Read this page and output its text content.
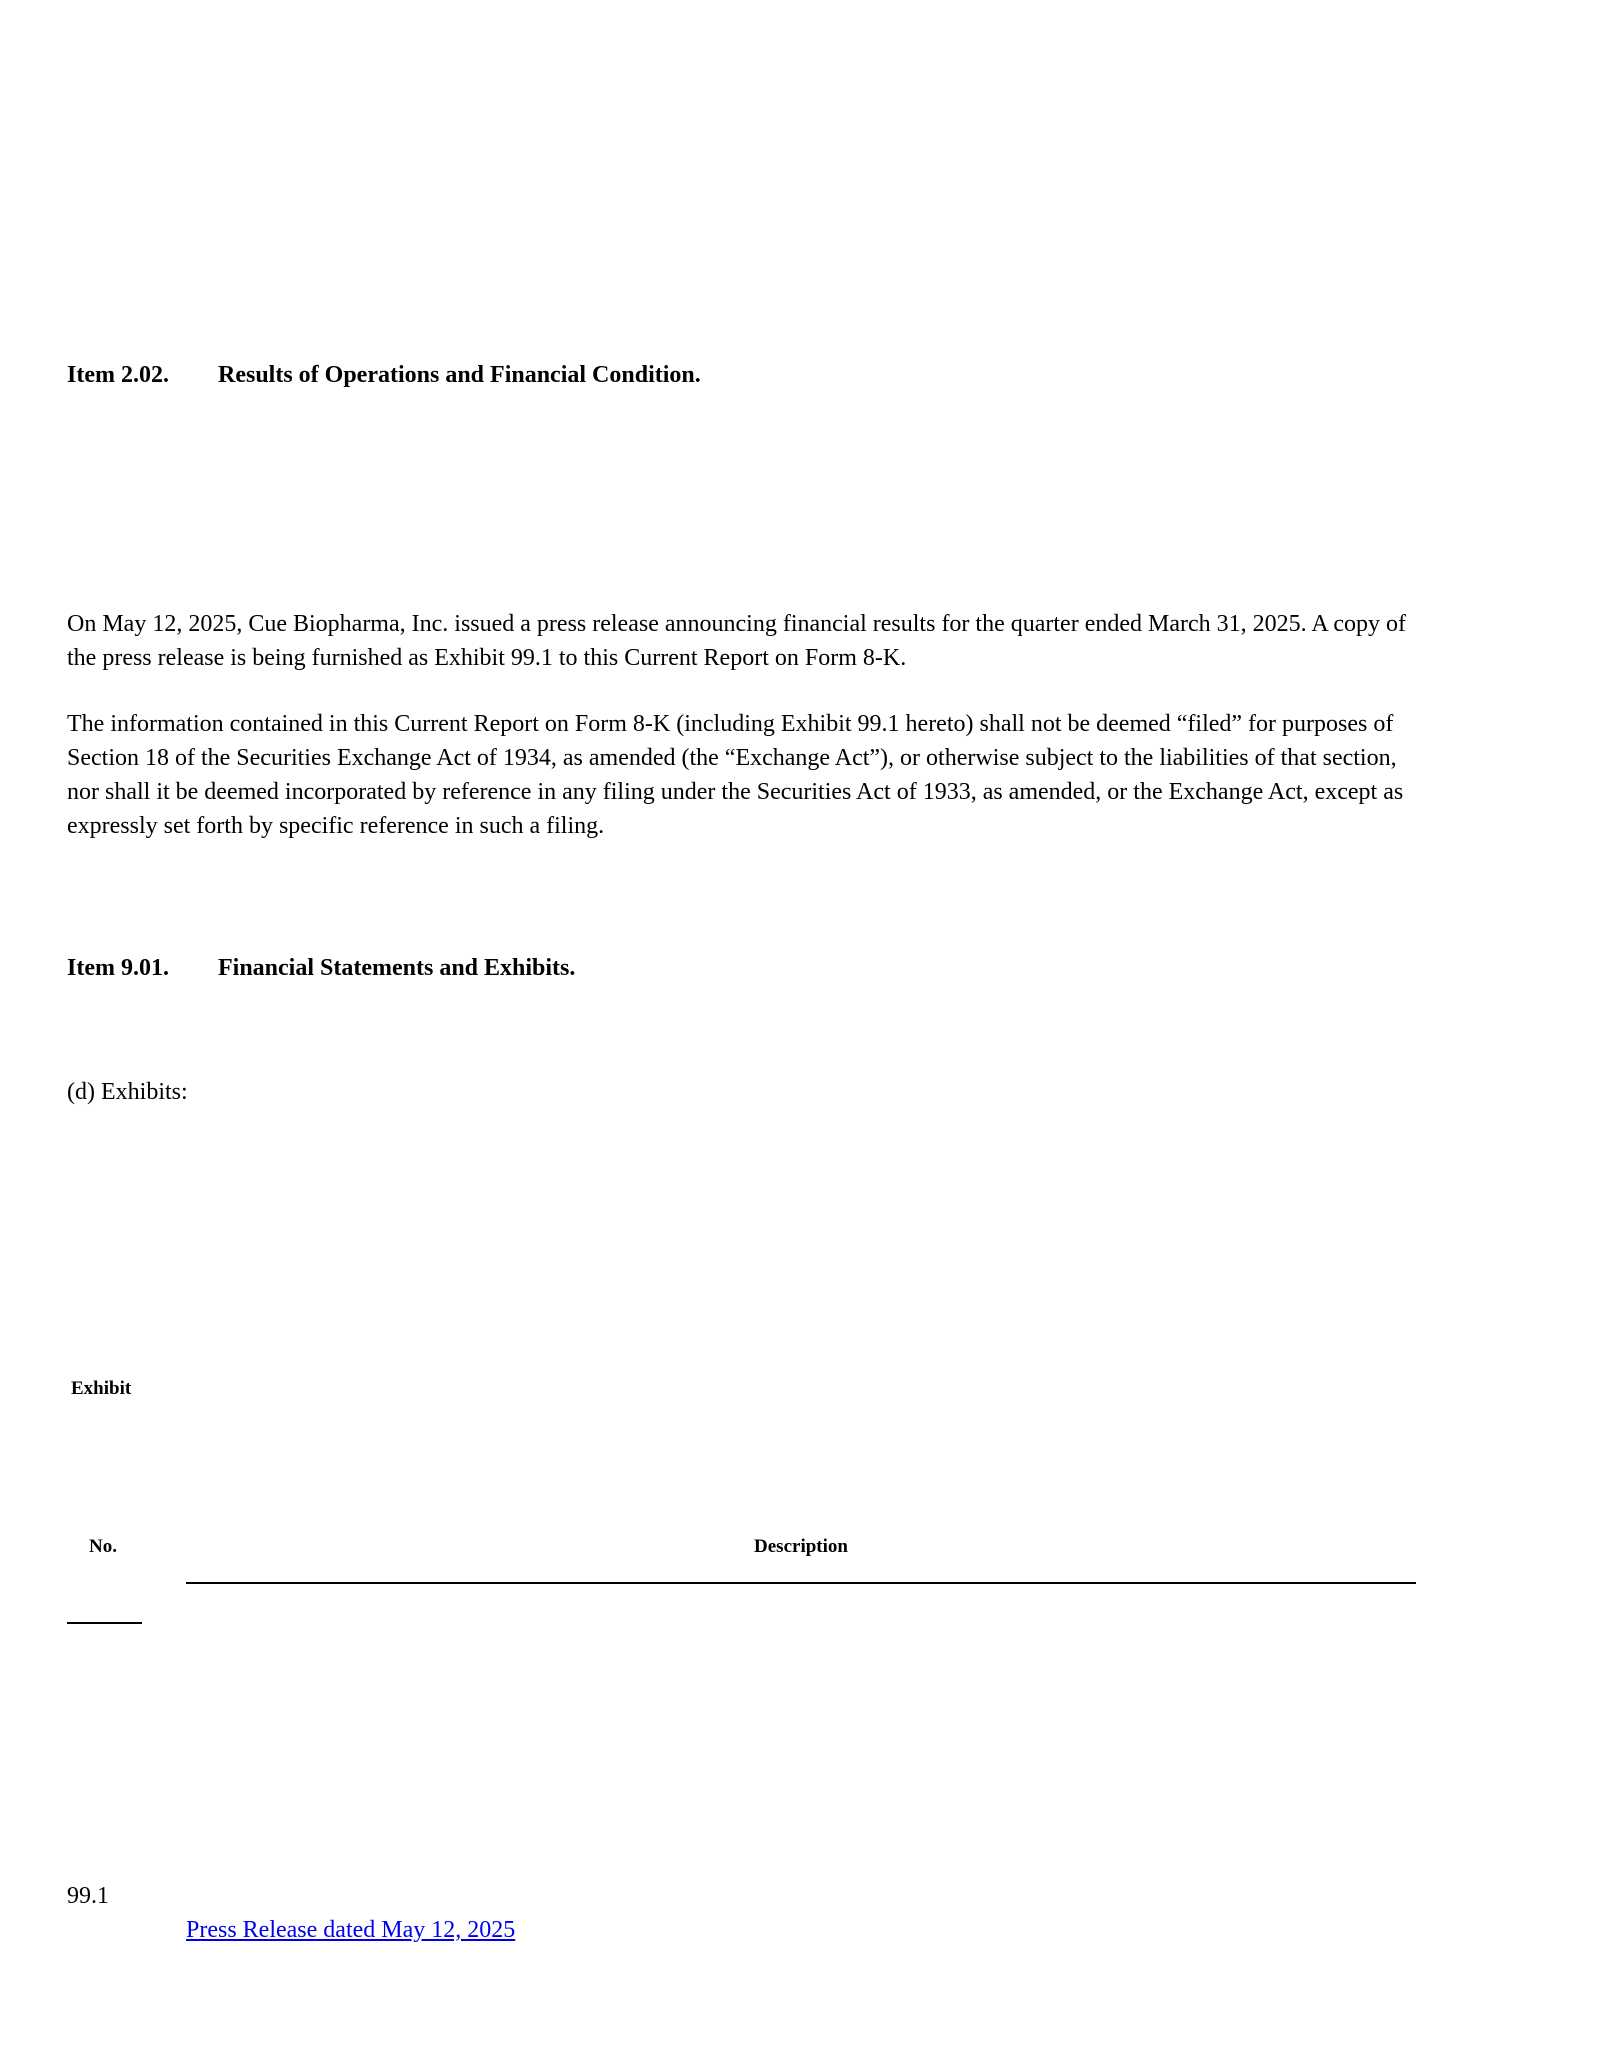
Item 2.02. Results of Operations and Financial Condition.
On May 12, 2025, Cue Biopharma, Inc. issued a press release announcing financial results for the quarter ended March 31, 2025. A copy of the press release is being furnished as Exhibit 99.1 to this Current Report on Form 8-K.
The information contained in this Current Report on Form 8-K (including Exhibit 99.1 hereto) shall not be deemed “filed” for purposes of Section 18 of the Securities Exchange Act of 1934, as amended (the “Exchange Act”), or otherwise subject to the liabilities of that section, nor shall it be deemed incorporated by reference in any filing under the Securities Act of 1933, as amended, or the Exchange Act, except as expressly set forth by specific reference in such a filing.
Item 9.01. Financial Statements and Exhibits.
(d) Exhibits:
Exhibit
No.	Description
99.1
Press Release dated May 12, 2025
